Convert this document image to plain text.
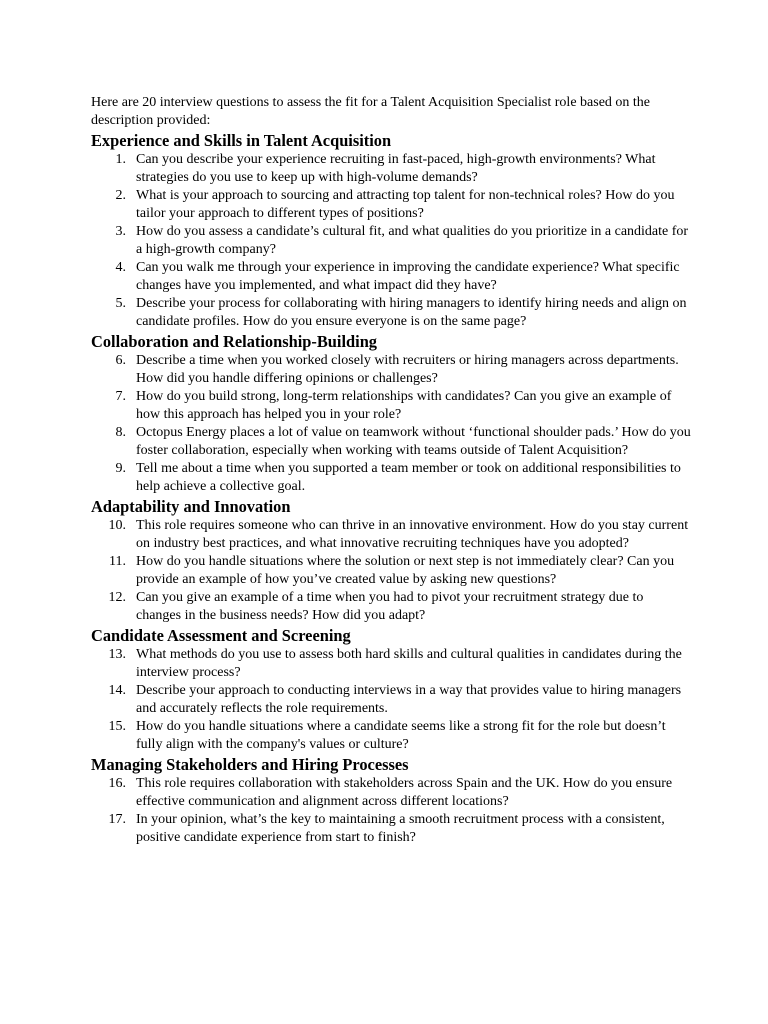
Here are 20 interview questions to assess the fit for a Talent Acquisition Specialist role based on the description provided:

Experience and Skills in Talent Acquisition
1. Can you describe your experience recruiting in fast-paced, high-growth environments? What strategies do you use to keep up with high-volume demands?
2. What is your approach to sourcing and attracting top talent for non-technical roles? How do you tailor your approach to different types of positions?
3. How do you assess a candidate’s cultural fit, and what qualities do you prioritize in a candidate for a high-growth company?
4. Can you walk me through your experience in improving the candidate experience? What specific changes have you implemented, and what impact did they have?
5. Describe your process for collaborating with hiring managers to identify hiring needs and align on candidate profiles. How do you ensure everyone is on the same page?
Collaboration and Relationship-Building
6. Describe a time when you worked closely with recruiters or hiring managers across departments. How did you handle differing opinions or challenges?
7. How do you build strong, long-term relationships with candidates? Can you give an example of how this approach has helped you in your role?
8. Octopus Energy places a lot of value on teamwork without ‘functional shoulder pads.’ How do you foster collaboration, especially when working with teams outside of Talent Acquisition?
9. Tell me about a time when you supported a team member or took on additional responsibilities to help achieve a collective goal.
Adaptability and Innovation
10. This role requires someone who can thrive in an innovative environment. How do you stay current on industry best practices, and what innovative recruiting techniques have you adopted?
11. How do you handle situations where the solution or next step is not immediately clear? Can you provide an example of how you’ve created value by asking new questions?
12. Can you give an example of a time when you had to pivot your recruitment strategy due to changes in the business needs? How did you adapt?
Candidate Assessment and Screening
13. What methods do you use to assess both hard skills and cultural qualities in candidates during the interview process?
14. Describe your approach to conducting interviews in a way that provides value to hiring managers and accurately reflects the role requirements.
15. How do you handle situations where a candidate seems like a strong fit for the role but doesn’t fully align with the company's values or culture?
Managing Stakeholders and Hiring Processes
16. This role requires collaboration with stakeholders across Spain and the UK. How do you ensure effective communication and alignment across different locations?
17. In your opinion, what’s the key to maintaining a smooth recruitment process with a consistent, positive candidate experience from start to finish?
